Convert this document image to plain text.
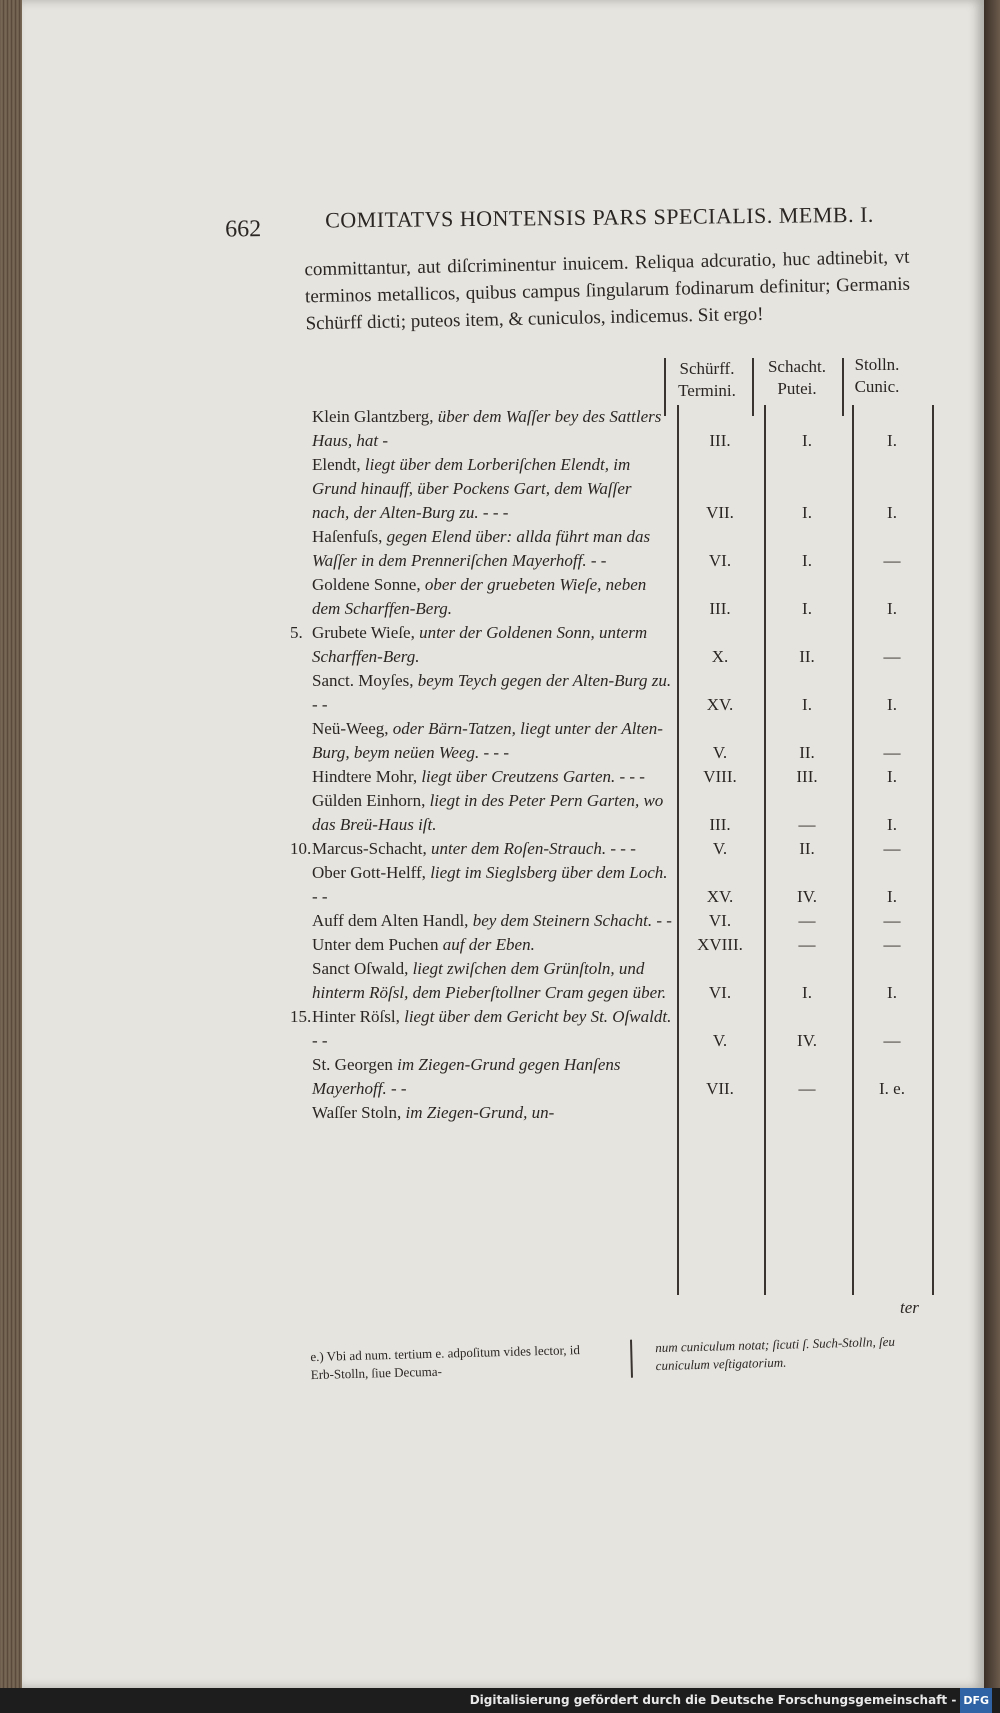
662	COMITATVS HONTENSIS PARS SPECIALIS. MEMB. I.
committantur, aut diſcriminentur inuicem. Reliqua adcuratio, huc adtinebit, vt terminos metallicos, quibus campus ſingularum fodinarum definitur; Germanis Schürff dicti; puteos item, & cuniculos, indicemus. Sit ergo!
Schürff.
Termini.
Schacht.
Putei.
Stolln.
Cunic.
Klein Glantzberg, über dem Waſſer bey des Sattlers Haus, hat -	III.	I.	I.
Elendt, liegt über dem Lorberiſchen Elendt, im Grund hinauff, über Pockens Gart, dem Waſſer nach, der Alten-Burg zu. - - -	VII.	I.	I.
Haſenfuſs, gegen Elend über: allda führt man das Waſſer in dem Prenneriſchen Mayerhoff. - -	VI.	I.	—
Goldene Sonne, ober der gruebeten Wieſe, neben dem Scharffen-Berg.	III.	I.	I.
5. Grubete Wieſe, unter der Goldenen Sonn, unterm Scharffen-Berg.	X.	II.	—
Sanct. Moyſes, beym Teych gegen der Alten-Burg zu. - -	XV.	I.	I.
Neü-Weeg, oder Bärn-Tatzen, liegt unter der Alten-Burg, beym neüen Weeg. - - -	V.	II.	—
Hindtere Mohr, liegt über Creutzens Garten. - - -	VIII.	III.	I.
Gülden Einhorn, liegt in des Peter Pern Garten, wo das Breü-Haus iſt.	III.	—	I.
10.Marcus-Schacht, unter dem Roſen-Strauch. - - -	V.	II.	—
Ober Gott-Helff, liegt im Sieglsberg über dem Loch. - -	XV.	IV.	I.
Auff dem Alten Handl, bey dem Steinern Schacht. - -	VI.	—	—
Unter dem Puchen auf der Eben.	XVIII.	—	—
Sanct Oſwald, liegt zwiſchen dem Grünſtoln, und hinterm Röſsl, dem Pieberſtollner Cram gegen über.	VI.	I.	I.
15.Hinter Röſsl, liegt über dem Gericht bey St. Oſwaldt. - -	V.	IV.	—
St. Georgen im Ziegen-Grund gegen Hanſens Mayerhoff. - -	VII.	—	I. e.
Waſſer Stoln, im Ziegen-Grund, un-
ter
e.) Vbi ad num. tertium e. adpoſitum vides lector, id Erb-Stolln, ſiue Decuma-
num cuniculum notat; ſicuti ſ. Such-Stolln, ſeu cuniculum veſtigatorium.
Digitalisierung gefördert durch die Deutsche Forschungsgemeinschaft - DFG
